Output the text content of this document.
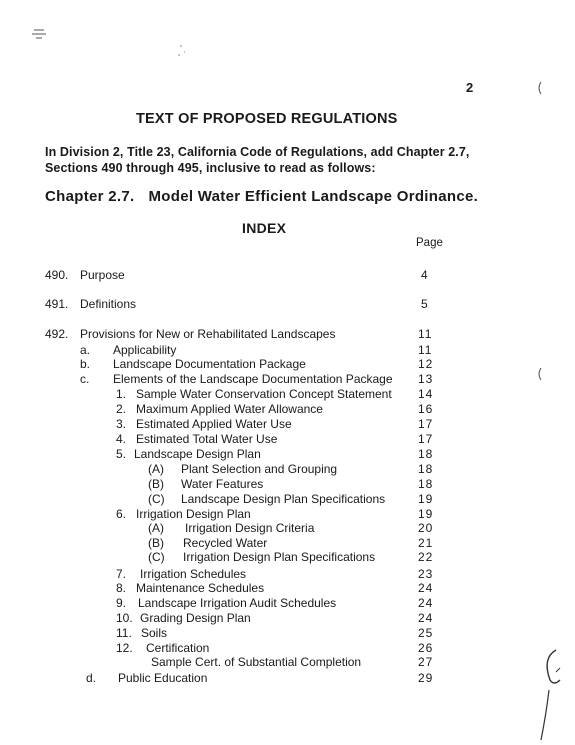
2
TEXT OF PROPOSED REGULATIONS
In Division 2, Title 23, California Code of Regulations, add Chapter 2.7,
Sections 490 through 495, inclusive to read as follows:
Chapter 2.7. Model Water Efficient Landscape Ordinance.
INDEX
Page
490. Purpose	4
491. Definitions	5
492. Provisions for New or Rehabilitated Landscapes	11
a. Applicability	11
b. Landscape Documentation Package	12
c. Elements of the Landscape Documentation Package 13
1. Sample Water Conservation Concept Statement 14
2. Maximum Applied Water Allowance	16
3. Estimated Applied Water Use	17
4. Estimated Total Water Use	17
5. Landscape Design Plan	18
(A) Plant Selection and Grouping	18
(B) Water Features	18
(C) Landscape Design Plan Specifications	19
6. Irrigation Design Plan	19
(A) Irrigation Design Criteria	20
(B) Recycled Water	21
(C) Irrigation Design Plan Specifications	22
7. Irrigation Schedules	23
8. Maintenance Schedules	24
9. Landscape Irrigation Audit Schedules	24
10. Grading Design Plan	24
11. Soils	25
12. Certification	26
Sample Cert. of Substantial Completion	27
d. Public Education	29
